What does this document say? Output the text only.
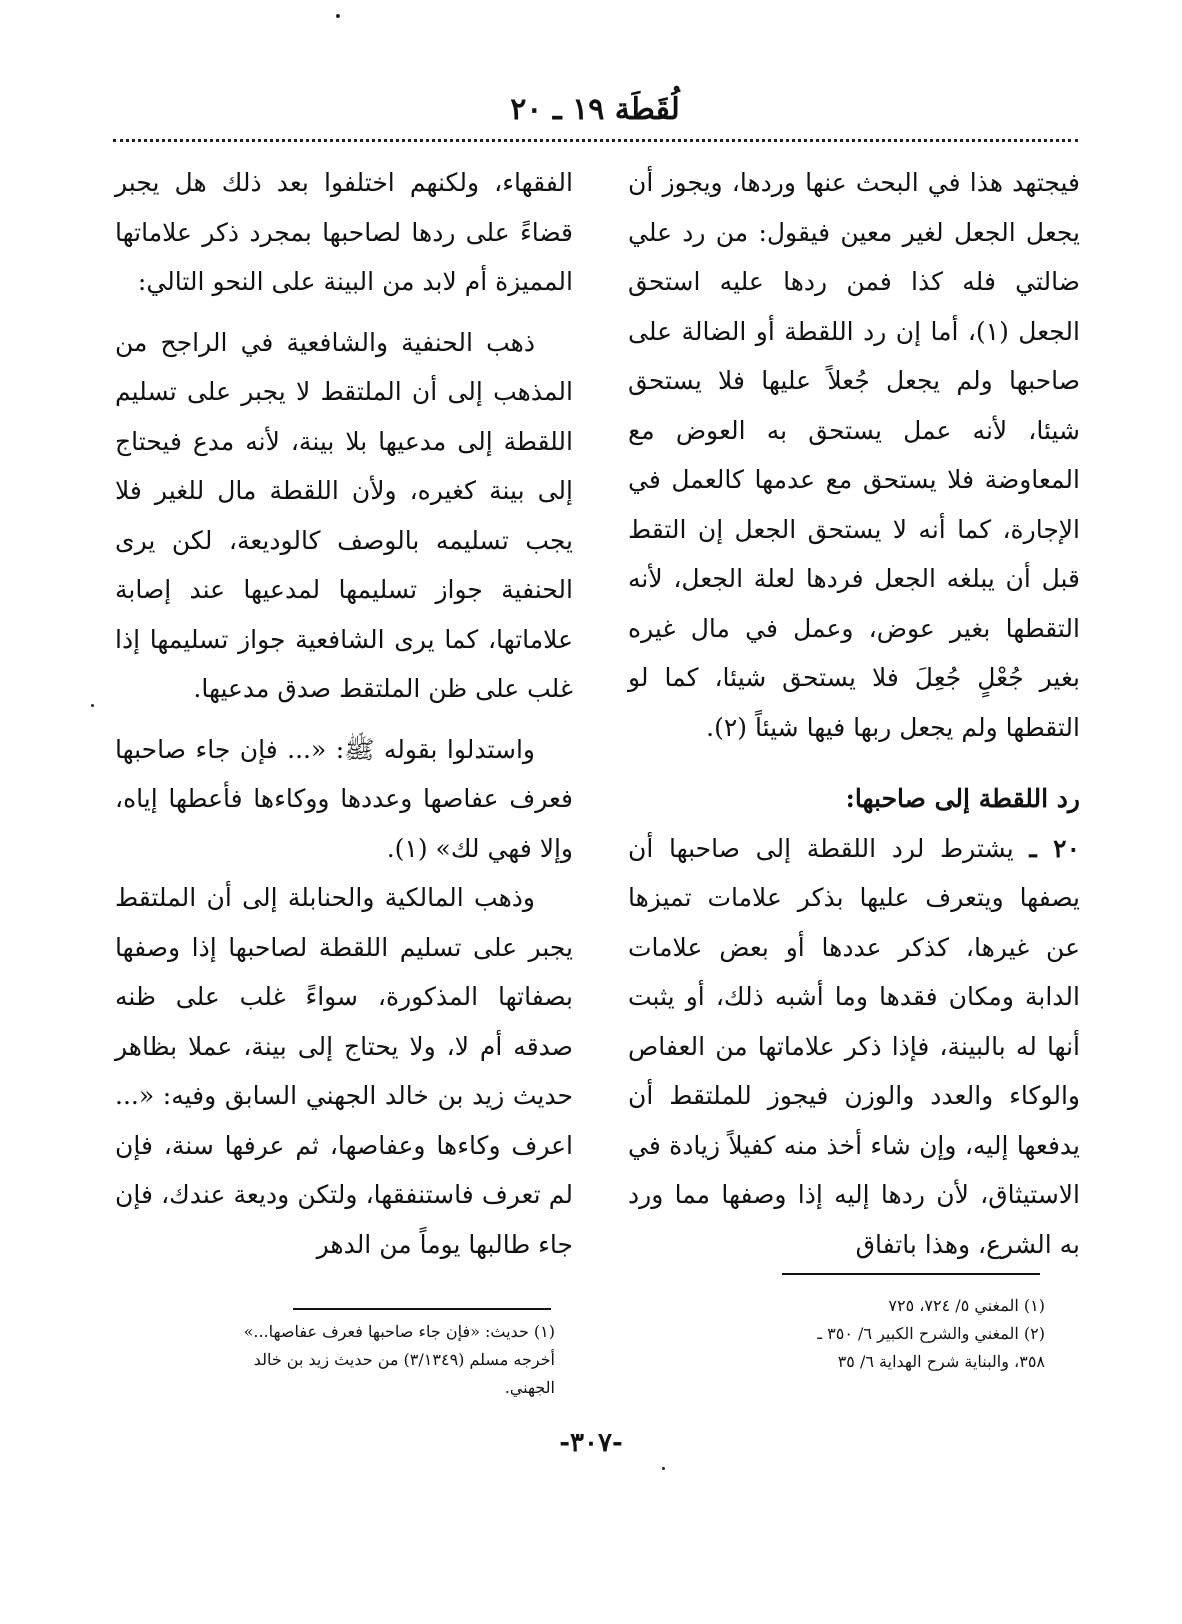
لُقَطَة ١٩ ـ ٢٠

فيجتهد هذا في البحث عنها وردها، ويجوز أن يجعل الجعل لغير معين فيقول: من رد علي ضالتي فله كذا فمن ردها عليه استحق الجعل (١)، أما إن رد اللقطة أو الضالة على صاحبها ولم يجعل جُعلاً عليها فلا يستحق شيئا، لأنه عمل يستحق به العوض مع المعاوضة فلا يستحق مع عدمها كالعمل في الإجارة، كما أنه لا يستحق الجعل إن التقط قبل أن يبلغه الجعل فردها لعلة الجعل، لأنه التقطها بغير عوض، وعمل في مال غيره بغير جُعْلٍ جُعِلَ فلا يستحق شيئا، كما لو التقطها ولم يجعل ربها فيها شيئاً (٢).

رد اللقطة إلى صاحبها:

٢٠ ـ يشترط لرد اللقطة إلى صاحبها أن يصفها ويتعرف عليها بذكر علامات تميزها عن غيرها، كذكر عددها أو بعض علامات الدابة ومكان فقدها وما أشبه ذلك، أو يثبت أنها له بالبينة، فإذا ذكر علاماتها من العفاص والوكاء والعدد والوزن فيجوز للملتقط أن يدفعها إليه، وإن شاء أخذ منه كفيلاً زيادة في الاستيثاق، لأن ردها إليه إذا وصفها مما ورد به الشرع، وهذا باتفاق

الفقهاء، ولكنهم اختلفوا بعد ذلك هل يجبر قضاءً على ردها لصاحبها بمجرد ذكر علاماتها المميزة أم لابد من البينة على النحو التالي:

ذهب الحنفية والشافعية في الراجح من المذهب إلى أن الملتقط لا يجبر على تسليم اللقطة إلى مدعيها بلا بينة، لأنه مدع فيحتاج إلى بينة كغيره، ولأن اللقطة مال للغير فلا يجب تسليمه بالوصف كالوديعة، لكن يرى الحنفية جواز تسليمها لمدعيها عند إصابة علاماتها، كما يرى الشافعية جواز تسليمها إذا غلب على ظن الملتقط صدق مدعيها.

واستدلوا بقوله ﷺ: «... فإن جاء صاحبها فعرف عفاصها وعددها ووكاءها فأعطها إياه، وإلا فهي لك» (١).

وذهب المالكية والحنابلة إلى أن الملتقط يجبر على تسليم اللقطة لصاحبها إذا وصفها بصفاتها المذكورة، سواءً غلب على ظنه صدقه أم لا، ولا يحتاج إلى بينة، عملا بظاهر حديث زيد بن خالد الجهني السابق وفيه: «... اعرف وكاءها وعفاصها، ثم عرفها سنة، فإن لم تعرف فاستنفقها، ولتكن وديعة عندك، فإن جاء طالبها يوماً من الدهر

(١) المغني ٥/ ٧٢٤، ٧٢٥

(٢) المغني والشرح الكبير ٦/ ٣٥٠ ـ ٣٥٨، والبناية شرح الهداية ٦/ ٣٥

(١) حديث: «فإن جاء صاحبها فعرف عفاصها...»

أخرجه مسلم (٣/١٣٤٩) من حديث زيد بن خالد الجهني.

-٣٠٧-
